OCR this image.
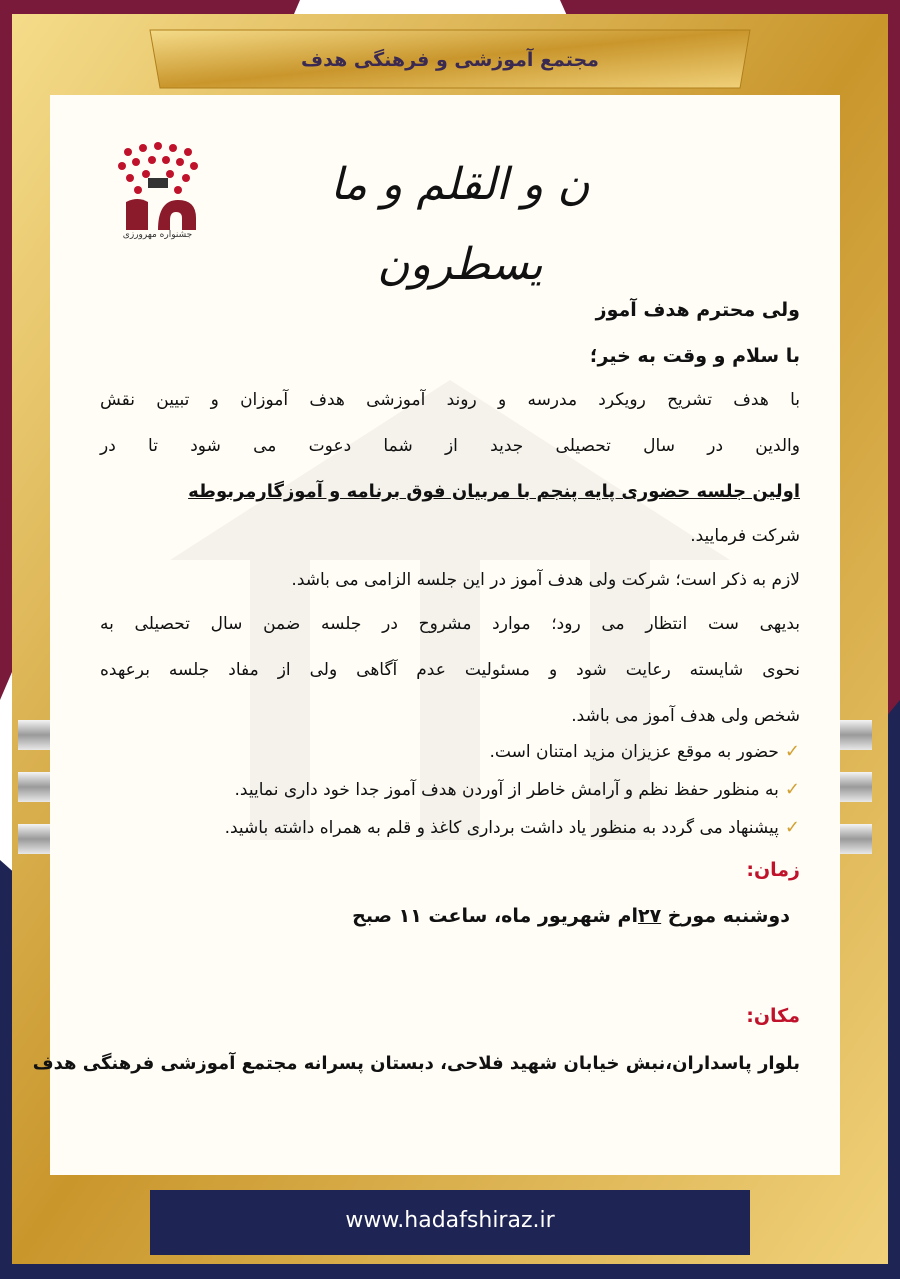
مجتمع آموزشی و فرهنگی هدف
ن و القلم و ما یسطرون
جشنواره مهرورزی

ولی محترم هدف آموز

با سلام و وقت به خیر؛

با هدف تشریح رویکرد مدرسه و روند آموزشی هدف آموزان و تبیین نقش

والدین در سال تحصیلی جدید از شما دعوت می شود تا در

اولین جلسه حضوری پایه پنجم با مربیان فوق برنامه و آموزگارمربوطه

شرکت فرمایید.

لازم به ذکر است؛ شرکت ولی هدف آموز در این جلسه الزامی می باشد.

بدیهی ست انتظار می رود؛ موارد مشروح در جلسه ضمن سال تحصیلی به

نحوی شایسته رعایت شود و مسئولیت عدم آگاهی ولی از مفاد جلسه برعهده

شخص ولی هدف آموز می باشد.

✓
حضور به موقع عزیزان مزید امتنان است.
✓
به منظور حفظ نظم و آرامش خاطر از آوردن هدف آموز جدا خود داری نمایید.
✓
پیشنهاد می گردد به منظور یاد داشت برداری کاغذ و قلم به همراه داشته باشید.

زمان:

دوشنبه مورخ ۲۷ام شهریور ماه، ساعت ۱۱ صبح

مکان:

بلوار پاسداران،نبش خیابان شهید فلاحی، دبستان پسرانه مجتمع آموزشی فرهنگی هدف

www.hadafshiraz.ir
